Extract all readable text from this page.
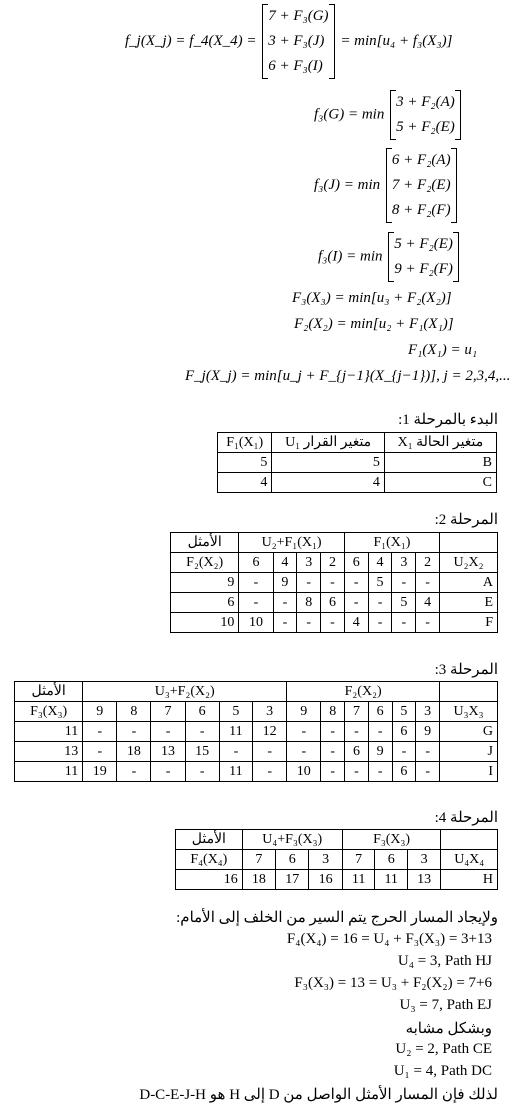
f_j(X_j) = f_4(X_4) =
7 + F₃(G)
3 + F₃(J)
6 + F₃(I)
= min[u₄ + f₃(X₃)]
f₃(G) = min
3 + F₂(A)
5 + F₂(E)
f₃(J) = min
6 + F₂(A)
7 + F₂(E)
8 + F₂(F)
f₃(I) = min
5 + F₂(E)
9 + F₂(F)
F₃(X₃) = min[u₃ + F₂(X₂)]
F₂(X₂) = min[u₂ + F₁(X₁)]
F₁(X₁) = u₁
F_j(X_j) = min[u_j + F_{j−1}(X_{j−1})], j = 2,3,4,...
البدء بالمرحلة 1:
F₁(X₁)	متغير القرار U₁	متغير الحالة X₁
5	5	B
4	4	C
المرحلة 2:
الأمثل	U₂+F₁(X₁)				F₁(X₁)				
F₂(X₂)	6	4	3	2	6	4	3	2	U₂X₂
9	-	9	-	-	-	5	-	-	A
6	-	-	8	6	-	-	5	4	E
10	10	-	-	-	4	-	-	-	F
المرحلة 3:
الأمثل	U₃+F₂(X₂)						F₂(X₂)						
F₃(X₃)	9	8	7	6	5	3	9	8	7	6	5	3	U₃X₃
11	-	-	-	-	11	12	-	-	-	-	6	9	G
13	-	18	13	15	-	-	-	-	6	9	-	-	J
11	19	-	-	-	11	-	10	-	-	-	6	-	I
المرحلة 4:
الأمثل	U₄+F₃(X₃)			F₃(X₃)			
F₄(X₄)	7	6	3	7	6	3	U₄X₄
16	18	17	16	11	11	13	H
ولإيجاد المسار الحرج يتم السير من الخلف إلى الأمام:
F₄(X₄) = 16 = U₄ + F₃(X₃) = 3+13
U₄ = 3, Path HJ
F₃(X₃) = 13 = U₃ + F₂(X₂) = 7+6
U₃ = 7, Path EJ
وبشكل مشابه
U₂ = 2, Path CE
U₁ = 4, Path DC
لذلك فإن المسار الأمثل الواصل من D إلى H هو D-C-E-J-H
